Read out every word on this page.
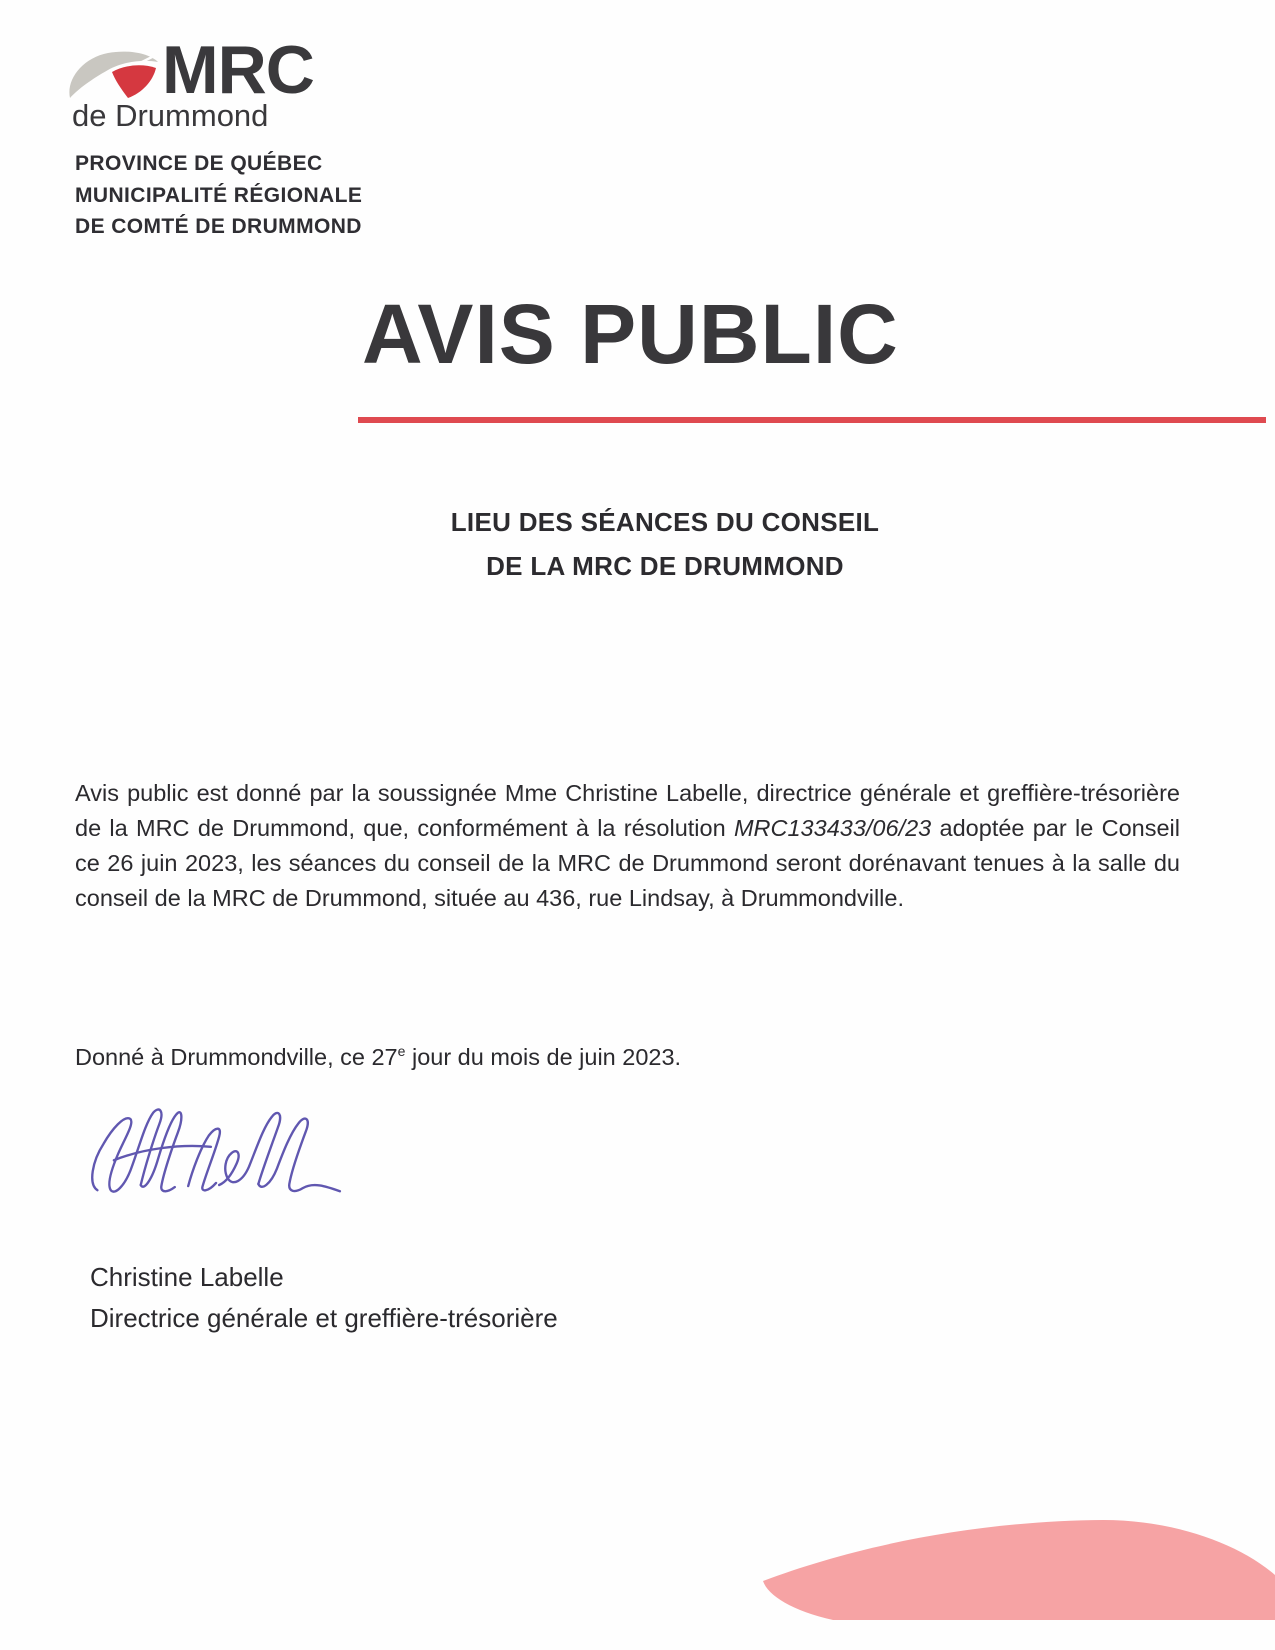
MRC
de Drummond
PROVINCE DE QUÉBEC
MUNICIPALITÉ RÉGIONALE
DE COMTÉ DE DRUMMOND
AVIS PUBLIC
LIEU DES SÉANCES DU CONSEIL
DE LA MRC DE DRUMMOND

Avis public est donné par la soussignée Mme Christine Labelle, directrice générale et greffière-trésorière de la MRC de Drummond, que, conformément à la résolution MRC133433/06/23 adoptée par le Conseil ce 26 juin 2023, les séances du conseil de la MRC de Drummond seront dorénavant tenues à la salle du conseil de la MRC de Drummond, située au 436, rue Lindsay, à Drummondville.

Donné à Drummondville, ce 27e jour du mois de juin 2023.
Christine Labelle
Directrice générale et greffière-trésorière
